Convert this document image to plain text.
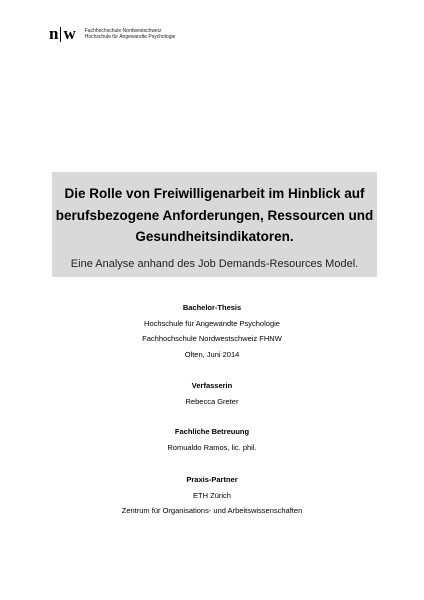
n w Fachhochschule Nordwestschweiz
Hochschule für Angewandte Psychologie
Die Rolle von Freiwilligenarbeit im Hinblick auf
berufsbezogene Anforderungen, Ressourcen und
Gesundheitsindikatoren.
Eine Analyse anhand des Job Demands-Resources Model.
Bachelor-Thesis
Hochschule für Angewandte Psychologie
Fachhochschule Nordwestschweiz FHNW
Olten, Juni 2014
Verfasserin
Rebecca Greter
Fachliche Betreuung
Romualdo Ramos, lic. phil.
Praxis-Partner
ETH Zürich
Zentrum für Organisations- und Arbeitswissenschaften
